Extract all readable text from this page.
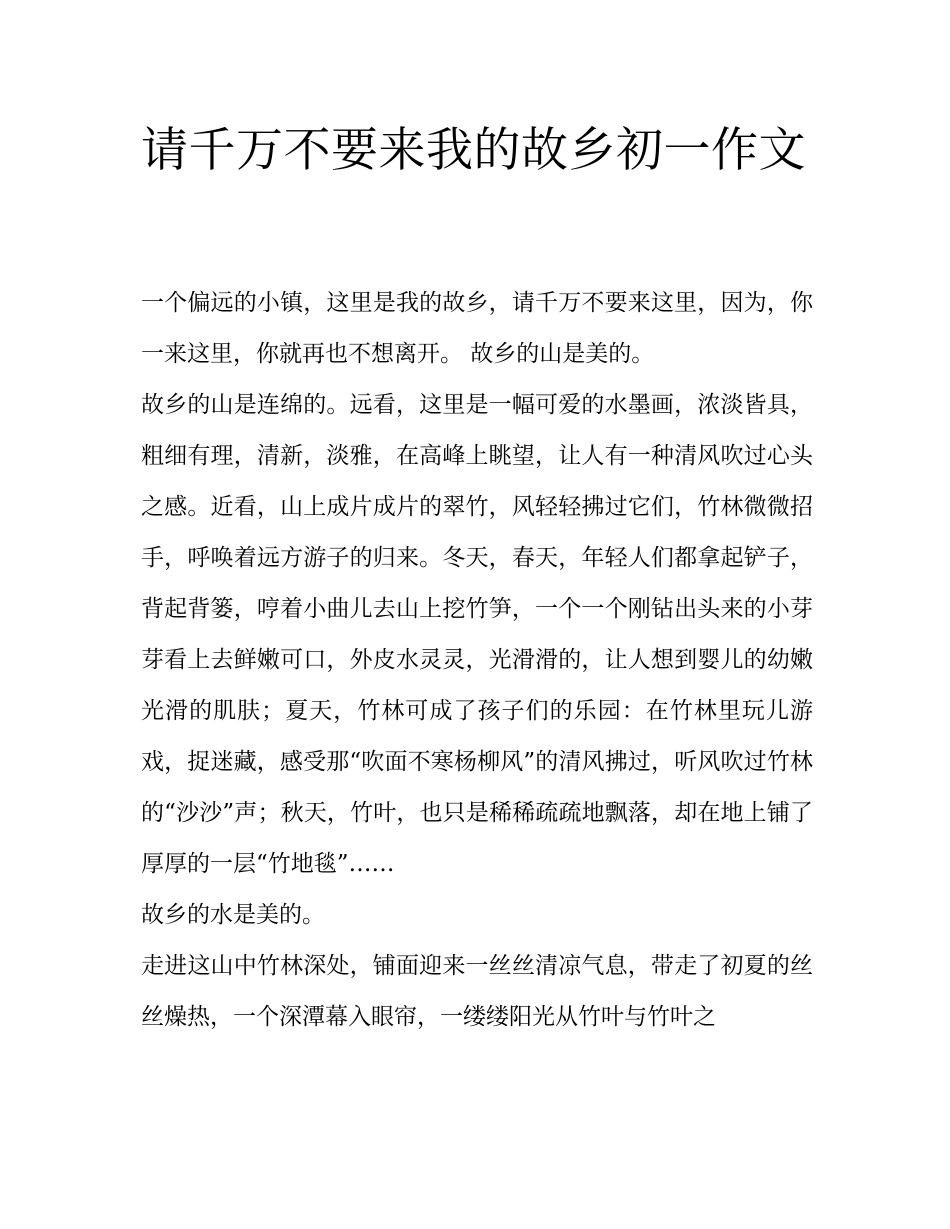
请千万不要来我的故乡初一作文

一个偏远的小镇，这里是我的故乡，请千万不要来这里，因为，你一来这里，你就再也不想离开。 故乡的山是美的。

故乡的山是连绵的。远看，这里是一幅可爱的水墨画，浓淡皆具，粗细有理，清新，淡雅，在高峰上眺望，让人有一种清风吹过心头之感。近看，山上成片成片的翠竹，风轻轻拂过它们，竹林微微招手，呼唤着远方游子的归来。冬天，春天，年轻人们都拿起铲子，背起背篓，哼着小曲儿去山上挖竹笋，一个一个刚钻出头来的小芽芽看上去鲜嫩可口，外皮水灵灵，光滑滑的，让人想到婴儿的幼嫩光滑的肌肤；夏天，竹林可成了孩子们的乐园：在竹林里玩儿游戏，捉迷藏，感受那“吹面不寒杨柳风”的清风拂过，听风吹过竹林的“沙沙”声；秋天，竹叶，也只是稀稀疏疏地飘落，却在地上铺了厚厚的一层“竹地毯”……

故乡的水是美的。

走进这山中竹林深处，铺面迎来一丝丝清凉气息，带走了初夏的丝丝燥热，一个深潭幕入眼帘，一缕缕阳光从竹叶与竹叶之
